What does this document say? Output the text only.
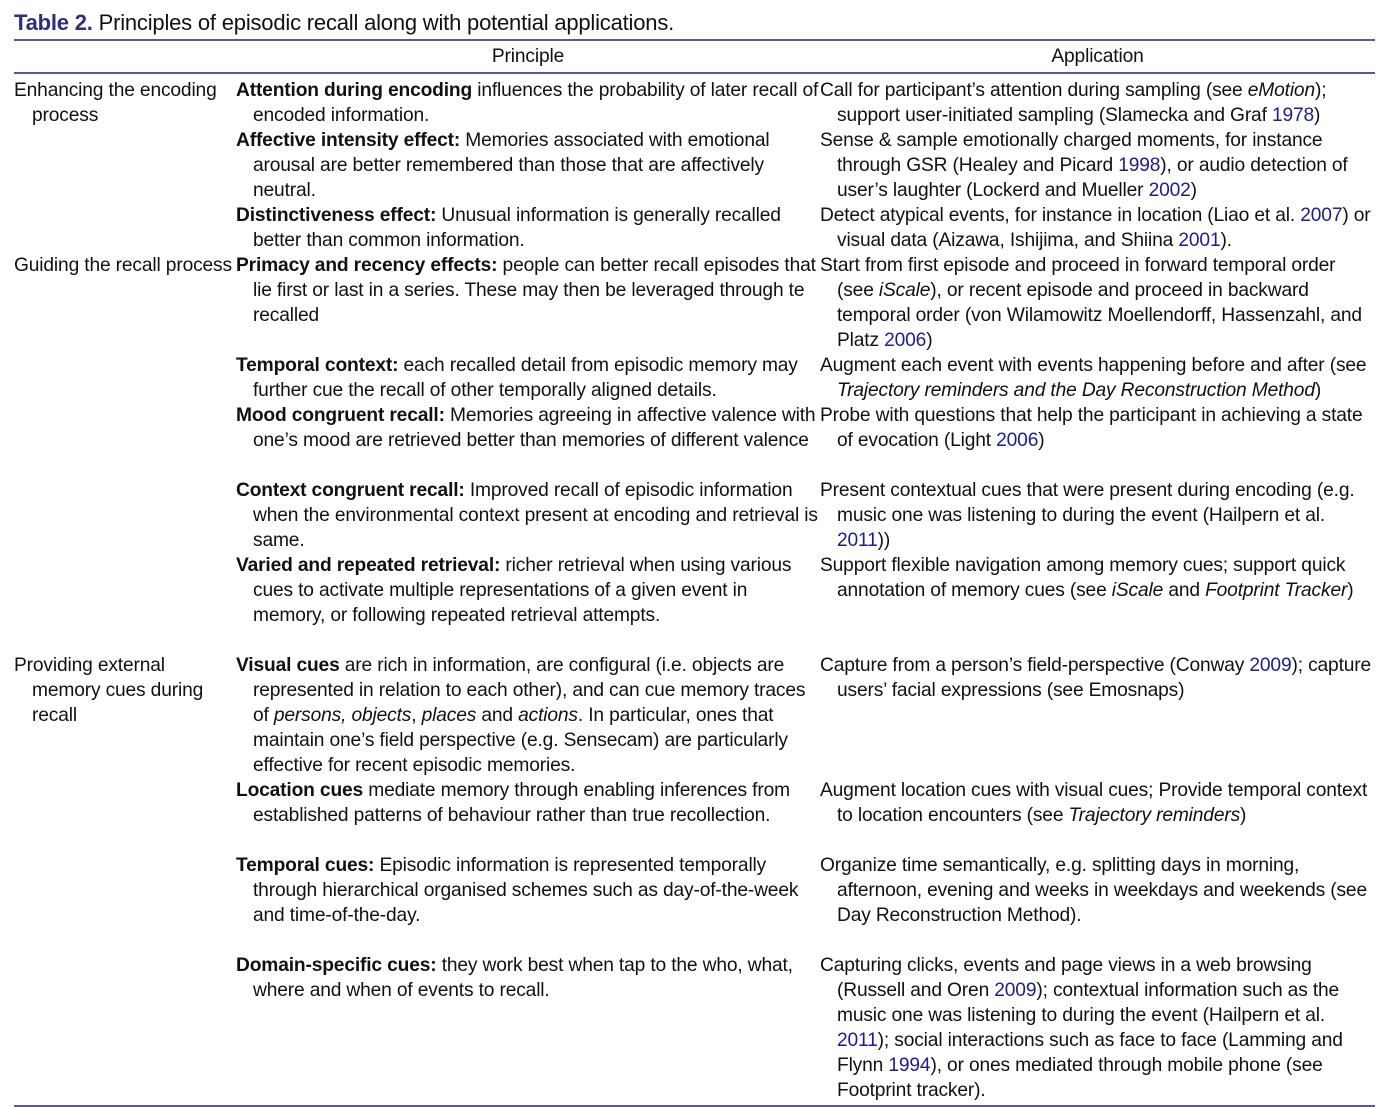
Table 2. Principles of episodic recall along with potential applications.
	Principle	Application

Enhancing the encoding process	Attention during encoding influences the probability of later recall of encoded information.	Call for participant’s attention during sampling (see eMotion); support user-initiated sampling (Slamecka and Graf 1978)

	Affective intensity effect: Memories associated with emotional arousal are better remembered than those that are affectively neutral.	Sense & sample emotionally charged moments, for instance through GSR (Healey and Picard 1998), or audio detection of user’s laughter (Lockerd and Mueller 2002)

	Distinctiveness effect: Unusual information is generally recalled better than common information.	Detect atypical events, for instance in location (Liao et al. 2007) or visual data (Aizawa, Ishijima, and Shiina 2001).

Guiding the recall process	Primacy and recency effects: people can better recall episodes that lie first or last in a series. These may then be leveraged through te recalled	Start from first episode and proceed in forward temporal order (see iScale), or recent episode and proceed in backward temporal order (von Wilamowitz Moellendorff, Hassenzahl, and Platz 2006)

	Temporal context: each recalled detail from episodic memory may further cue the recall of other temporally aligned details.	Augment each event with events happening before and after (see Trajectory reminders and the Day Reconstruction Method)

	Mood congruent recall: Memories agreeing in affective valence with one’s mood are retrieved better than memories of different valence	Probe with questions that help the participant in achieving a state of evocation (Light 2006)

	Context congruent recall: Improved recall of episodic information when the environmental context present at encoding and retrieval is same.	Present contextual cues that were present during encoding (e.g. music one was listening to during the event (Hailpern et al. 2011))

	Varied and repeated retrieval: richer retrieval when using various cues to activate multiple representations of a given event in memory, or following repeated retrieval attempts.	Support flexible navigation among memory cues; support quick annotation of memory cues (see iScale and Footprint Tracker)

Providing external memory cues during recall	Visual cues are rich in information, are configural (i.e. objects are represented in relation to each other), and can cue memory traces of persons, objects, places and actions. In particular, ones that maintain one’s field perspective (e.g. Sensecam) are particularly effective for recent episodic memories.	Capture from a person’s field-perspective (Conway 2009); capture users’ facial expressions (see Emosnaps)

	Location cues mediate memory through enabling inferences from established patterns of behaviour rather than true recollection.	Augment location cues with visual cues; Provide temporal context to location encounters (see Trajectory reminders)

	Temporal cues: Episodic information is represented temporally through hierarchical organised schemes such as day-of-the-week and time-of-the-day.	Organize time semantically, e.g. splitting days in morning, afternoon, evening and weeks in weekdays and weekends (see Day Reconstruction Method).

	Domain-specific cues: they work best when tap to the who, what, where and when of events to recall.	Capturing clicks, events and page views in a web browsing (Russell and Oren 2009); contextual information such as the music one was listening to during the event (Hailpern et al. 2011); social interactions such as face to face (Lamming and Flynn 1994), or ones mediated through mobile phone (see Footprint tracker).
